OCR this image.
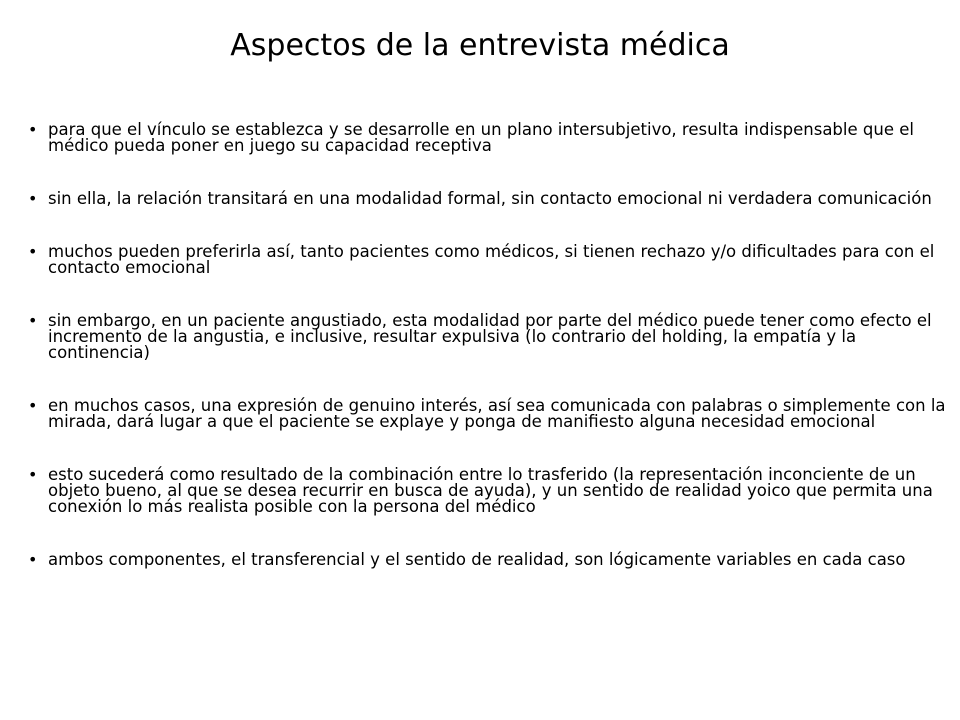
Aspectos de la entrevista médica
• para que el vínculo se establezca y se desarrolle en un plano intersubjetivo, resulta indispensable que el médico pueda poner en juego su capacidad receptiva
• sin ella, la relación transitará en una modalidad formal, sin contacto emocional ni verdadera comunicación
• muchos pueden preferirla así, tanto pacientes como médicos, si tienen rechazo y/o dificultades para con el contacto emocional
• sin embargo, en un paciente angustiado, esta modalidad por parte del médico puede tener como efecto el incremento de la angustia, e inclusive, resultar expulsiva (lo contrario del holding, la empatía y la continencia)
• en muchos casos, una expresión de genuino interés, así sea comunicada con palabras o simplemente con la mirada, dará lugar a que el paciente se explaye y ponga de manifiesto alguna necesidad emocional
• esto sucederá como resultado de la combinación entre lo trasferido (la representación inconciente de un objeto bueno, al que se desea recurrir en busca de ayuda), y un sentido de realidad yoico que permita una conexión lo más realista posible con la persona del médico
• ambos componentes, el transferencial y el sentido de realidad, son lógicamente variables en cada caso
